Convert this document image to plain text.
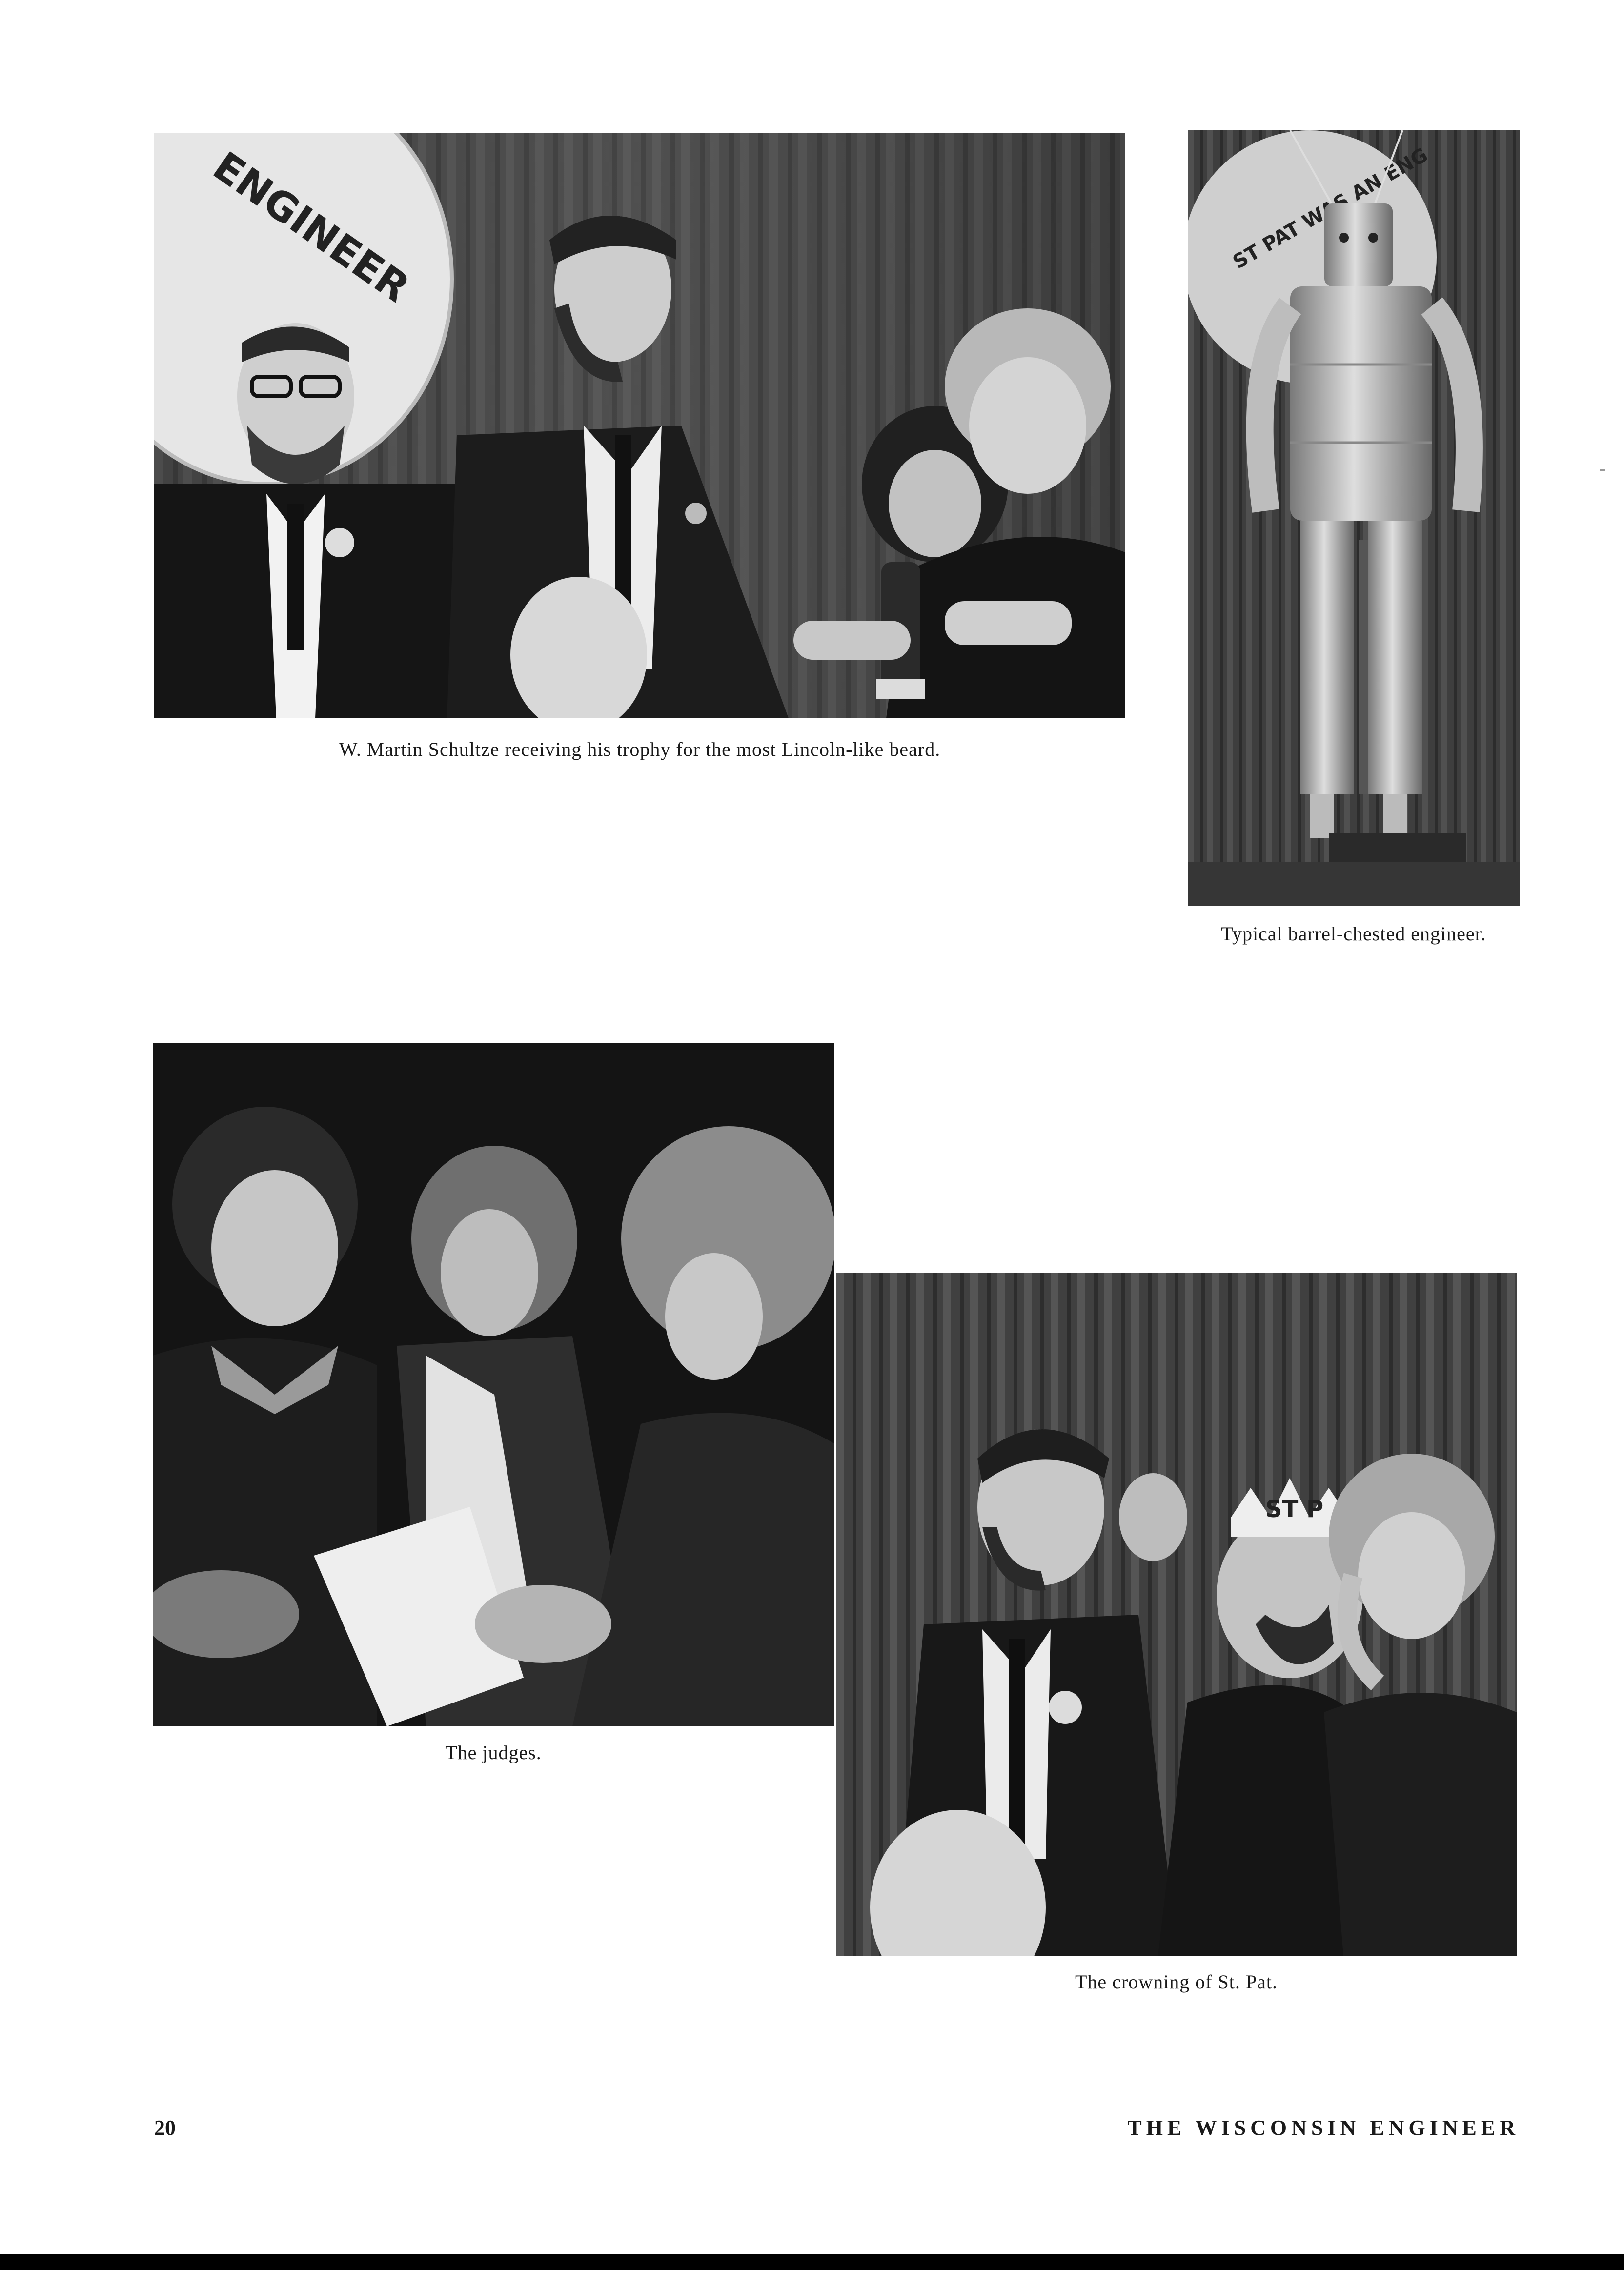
ENGINEER
W. Martin Schultze receiving his trophy for the most Lincoln-like beard.
ST PAT AN ENG
Typical barrel-chested engineer.
The judges.
ST P
The crowning of St. Pat.
20	THE WISCONSIN ENGINEER
